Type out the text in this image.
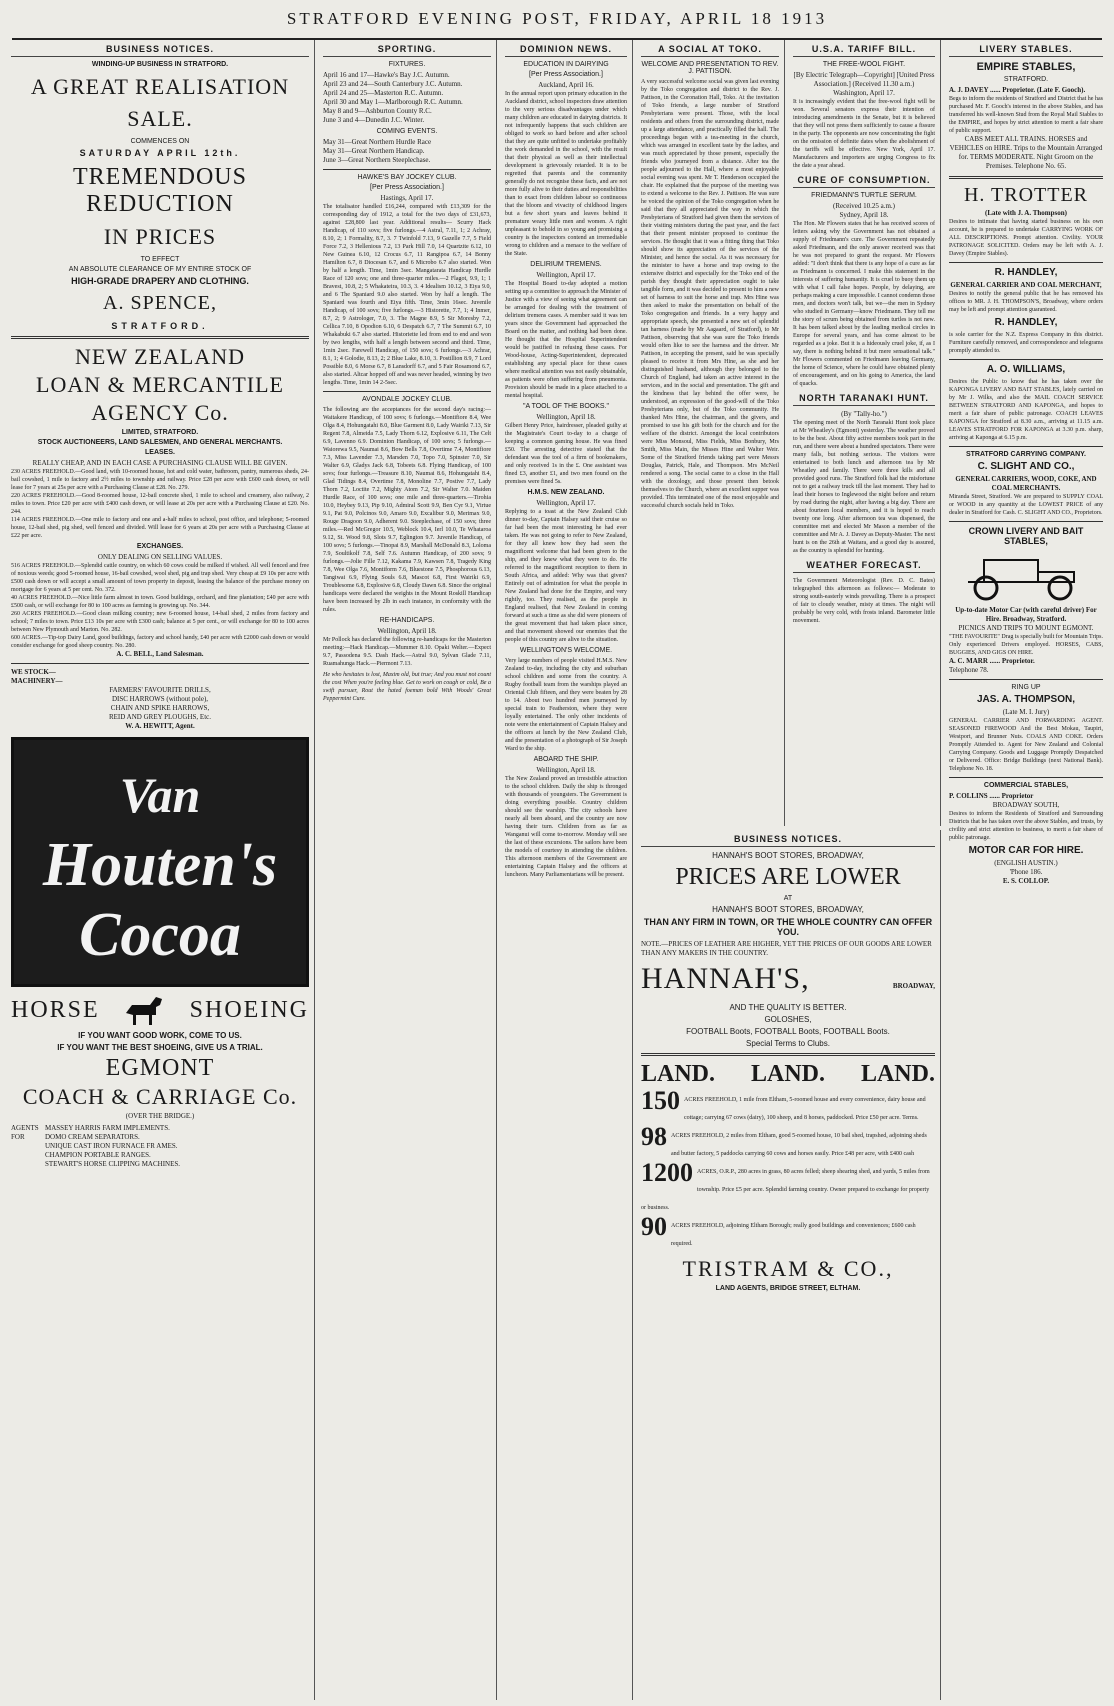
STRATFORD EVENING POST, FRIDAY, APRIL 18 1913
BUSINESS NOTICES.
WINDING-UP BUSINESS IN STRATFORD.
A GREAT REALISATION
SALE.
COMMENCES ON
SATURDAY APRIL 12th.
TREMENDOUS REDUCTION
IN PRICES
TO EFFECT
AN ABSOLUTE CLEARANCE OF MY ENTIRE STOCK OF
HIGH-GRADE DRAPERY AND CLOTHING.
A. SPENCE,
STRATFORD.
NEW ZEALAND
LOAN & MERCANTILE
AGENCY Co.
LIMITED, STRATFORD.
STOCK AUCTIONEERS, LAND SALESMEN, AND GENERAL MERCHANTS.
LEASES.
REALLY CHEAP, AND IN EACH CASE A PURCHASING CLAUSE WILL BE GIVEN.
230 ACRES FREEHOLD.—Good land, with 10-roomed house, hot and cold water, bathroom, pantry, numerous sheds, 24-bail cowshed, 1 mile to factory and 2½ miles to township and railway. Price £28 per acre with £600 cash down, or will lease for 7 years at 25s per acre with a Purchasing Clause at £28. No. 279.
220 ACRES FREEHOLD.—Good 8-roomed house, 12-bail concrete shed, 1 mile to school and creamery, also railway, 2 miles to town. Price £20 per acre with £400 cash down, or will lease at 20s per acre with a Purchasing Clause at £20. No. 244.
114 ACRES FREEHOLD.—One mile to factory and one and a-half miles to school, post office, and telephone; 5-roomed house, 12-bail shed, pig shed, well fenced and divided. Will lease for 6 years at 20s per acre with a Purchasing Clause at £22 per acre.
EXCHANGES.
ONLY DEALING ON SELLING VALUES.
516 ACRES FREEHOLD.—Splendid cattle country, on which 60 cows could be milked if wished. All well fenced and free of noxious weeds; good 5-roomed house, 16-bail cowshed, wool shed, pig and trap shed. Very cheap at £9 10s per acre with £500 cash down or will accept a small amount of town property in deposit, leasing the balance of the purchase money on mortgage for 6 years at 5 per cent. No. 372.
40 ACRES FREEHOLD.—Nice little farm almost in town. Good buildings, orchard, and fine plantation; £40 per acre with £500 cash, or will exchange for 80 to 100 acres as farming is growing up. No. 344.
260 ACRES FREEHOLD.—Good clean milking country; new 6-roomed house, 14-bail shed, 2 miles from factory and school; 7 miles to town. Price £13 10s per acre with £300 cash; balance at 5 per cent., or will exchange for 80 to 100 acres between New Plymouth and Marton. No. 282.
600 ACRES.—Tip-top Dairy Land, good buildings, factory and school handy, £40 per acre with £2000 cash down or would consider exchange for good sheep country. No. 280.
A. C. BELL, Land Salesman.
WE STOCK—
MACHINERY—
FARMERS' FAVOURITE DRILLS,
DISC HARROWS (without pole),
CHAIN AND SPIKE HARROWS,
REID AND GREY PLOUGHS, Etc.
W. A. HEWITT, Agent.
Van
Houten's
Cocoa
HORSE	SHOEING
IF YOU WANT GOOD WORK, COME TO US.
IF YOU WANT THE BEST SHOEING, GIVE US A TRIAL.
EGMONT
COACH & CARRIAGE Co.
(OVER THE BRIDGE.)
AGENTS FOR
MASSEY HARRIS FARM IMPLEMENTS.
DOMO CREAM SEPARATORS.
UNIQUE CAST IRON FURNACE FR AMES.
CHAMPION PORTABLE RANGES.
STEWART'S HORSE CLIPPING MACHINES.
SPORTING.
FIXTURES.
April 16 and 17—Hawke's Bay J.C. Autumn.
April 23 and 24—South Canterbury J.C. Autumn.
April 24 and 25—Masterton R.C. Autumn.
April 30 and May 1—Marlborough R.C. Autumn.
May 8 and 9—Ashburton County R.C.
June 3 and 4—Dunedin J.C. Winter.
COMING EVENTS.
May 31—Great Northern Hurdle Race
May 31—Great Northern Handicap.
June 3—Great Northern Steeplechase.
HAWKE'S BAY JOCKEY CLUB.
[Per Press Association.]
Hastings, April 17.
The totalisator handled £16,244, compared with £13,309 for the corresponding day of 1912, a total for the two days of £31,673, against £28,800 last year. Additional results— Scurry Hack Handicap, of 110 sovs; five furlongs.—4 Astral, 7.11, 1; 2 Achray, 8.10, 2; 1 Formality, 8.7, 3. 7 Twinfold 7.13, 9 Gazelle 7.7, 5 Field Force 7.2, 3 Hellenious 7.2, 13 Park Hill 7.0, 14 Quartzite 6.12, 10 New Guinea 6.10, 12 Crocus 6.7, 11 Rangipoa 6.7, 14 Bonny Hamilton 6.7, 8 Diocesan 6.7, and 6 Microbo 6.7 also started. Won by half a length. Time, 1min 3sec. Mangatarata Handicap Hurdle Race of 120 sovs; one and three-quarter miles.—2 Flagot, 9.9, 1; 1 Bravest, 10.8, 2; 5 Whakateira, 10.3, 3. 4 Idealism 10.12, 3 Eiya 9.0, and 6 The Spaniard 9.0 also started. Won by half a length. The Spaniard was fourth and Eiya fifth. Time, 3min 16sec. Juvenile Handicap, of 100 sovs; five furlongs.—3 Historette, 7.7, 1; 4 Inmer, 8.7, 2; 9 Astrologer, 7.0, 3. The Magne 8.9, 5 Sir Moresby 7.2, Cellica 7.10, 8 Opodion 6.10, 6 Despatch 6.7, 7 The Summit 6.7, 10 Whakabuki 6.7 also started. Historiette led from end to end and won by two lengths, with half a length between second and third. Time, 1min 2sec. Farewell Handicap, of 150 sovs; 6 furlongs.—3 Achrar, 8.1, 1; 4 Golodie, 8.13, 2; 2 Blue Lake, 8.10, 3. Postillion 8.9, 7 Lord Possible 8.0, 6 Morse 6.7, 8 Lansdorff 6.7, and 5 Fair Rosamond 6.7, also started. Altcar hopped off and was never headed, winning by two lengths. Time, 1min 14 2-5sec.
AVONDALE JOCKEY CLUB.
The following are the acceptances for the second day's racing:— Waitakere Handicap, of 100 sovs; 6 furlongs.—Montifiore 8.4, Wee Olga 8.4, Hohungatahi 8.0, Blue Garment 8.0, Lady Wairiki 7.13, Sir Regent 7.8, Almeida 7.5, Lady Thorn 6.12, Explosive 6.11, The Celt 6.9, Lavenno 6.9. Dominion Handicap, of 100 sovs; 5 furlongs.—Waiorewa 9.5, Naumai 8.6, Bow Bells 7.8, Overtime 7.4, Montifiore 7.3, Miss Lavender 7.3, Marsden 7.0, Topo 7.0, Spinster 7.0, Sir Walter 6.9, Gladys Jack 6.8, Tobeets 6.8. Flying Handicap, of 100 sovs; four furlongs.—Treasure 8.10, Naumai 8.6, Hohungatahi 8.4, Glad Tidings 8.4, Overtime 7.8, Monoline 7.7, Postive 7.7, Lady Thorn 7.2, Loctite 7.2, Mighty Atom 7.2, Sir Walter 7.0. Maiden Hurdle Race, of 100 sovs; one mile and three-quarters.—Tirohia 10.0, Heybey 9.13, Pip 9.10, Admiral Scott 9.9, Ben Cyr 9.1, Virtue 9.1, Pat 9.0, Polcinos 9.0, Amaro 9.0, Excalibur 9.0, Merimax 9.0, Rouge Dragoon 9.0, Adherent 9.0. Steeplechase, of 150 sovs; three miles.—Red McGregor 10.5, Weblock 10.4, Ierl 10.0, Te Whataroa 9.12, St. Wood 9.8, Slots 9.7, Eglington 9.7. Juvenile Handicap, of 100 sovs; 5 furlongs.—Tinopai 8.9, Marshall McDonald 8.3, Loloma 7.9, Soultikolf 7.8, Self 7.6. Autumn Handicap, of 200 sovs; 9 furlongs.—Jolie Fille 7.12, Kakama 7.9, Kawsen 7.8, Tragedy King 7.8, Wee Olga 7.6, Montiform 7.6, Bluestone 7.5, Phosphorous 6.13, Tangiwai 6.9, Flying Souls 6.8, Mascot 6.8, First Wairiki 6.9, Troublesome 6.8, Explosive 6.8, Cloudy Dawn 6.8. Since the original handicaps were declared the weights in the Mount Roskill Handicap have been increased by 2lb in each instance, in conformity with the rules.
RE-HANDICAPS.
Wellington, April 18.
Mr Pollock has declared the following re-handicaps for the Masterton meeting:—Hack Handicap.—Mummer 8.10. Opaki Welter.—Expect 9.7, Passodena 9.5. Dash Hack.—Astral 9.0, Sylvan Glade 7.11, Ruamahunga Hack.—Piermont 7.13.
He who hesitates is lost, Maxim old, but true; And you must not count the cost When you're feeling blue. Get to work on cough or cold, Be a swift pursuer, Rout the hated foeman bold With Woods' Great Peppermint Cure.
DOMINION NEWS.
EDUCATION IN DAIRYING
[Per Press Association.]
Auckland, April 16.
In the annual report upon primary education in the Auckland district, school inspectors draw attention to the very serious disadvantages under which many children are educated in dairying districts. It not infrequently happens that such children are obliged to work so hard before and after school that they are quite unfitted to undertake profitably the work demanded in the school, with the result that their physical as well as their intellectual development is grievously retarded. It is to be regretted that parents and the community generally do not recognise these facts, and are not more fully alive to their duties and responsibilities than to exact from children labour so continuous that the bloom and vivacity of childhood lingers but a few short years and leaves behind it premature weary little men and women. A right unpleasant to behold in so young and promising a country is the inspectors contend an irremediable wrong to children and a menace to the welfare of the State.
DELIRIUM TREMENS.
Wellington, April 17.
The Hospital Board to-day adopted a motion setting up a committee to approach the Minister of Justice with a view of seeing what agreement can be arranged for dealing with the treatment of delirium tremens cases. A member said it was ten years since the Government had approached the Board on the matter, and nothing had been done. He thought that the Hospital Superintendent would be justified in refusing these cases. For Wood-house, Acting-Superintendent, deprecated establishing any special place for these cases where medical attention was not easily obtainable, as patients were often suffering from pneumonia. Provision should be made in a place attached to a mental hospital.
"A TOOL OF THE BOOKS."
Wellington, April 18.
Gilbert Henry Price, hairdresser, pleaded guilty at the Magistrate's Court to-day to a charge of keeping a common gaming house. He was fined £50. The arresting detective stated that the defendant was the tool of a firm of bookmakers, and only received 1s in the £. One assistant was fined £3, another £1, and two men found on the premises were fined 5s.
H.M.S. NEW ZEALAND.
Wellington, April 17.
Replying to a toast at the New Zealand Club dinner to-day, Captain Halsey said their cruise so far had been the most interesting he had ever taken. He was not going to refer to New Zealand, for they all knew how they had seen the magnificent welcome that had been given to the ship, and they knew what they were to do. He referred to the magnificent reception to them in South Africa, and added: Why was that given? Entirely out of admiration for what the people in New Zealand had done for the Empire, and very rightly, too. They realised, as the people in England realised, that New Zealand in coming forward at such a time as she did were pioneers of the great movement that had taken place since, and that movement showed our enemies that the people of this country are alive to the situation.
WELLINGTON'S WELCOME.
Very large numbers of people visited H.M.S. New Zealand to-day, including the city and suburban school children and some from the country. A Rugby football team from the warships played an Oriental Club fifteen, and they were beaten by 28 to 14. About two hundred men journeyed by special train to Featherston, where they were loyally entertained. The only other incidents of note were the entertainment of Captain Halsey and the officers at lunch by the New Zealand Club, and the presentation of a photograph of Sir Joseph Ward to the ship.
ABOARD THE SHIP.
Wellington, April 18.
The New Zealand proved an irresistible attraction to the school children. Daily the ship is thronged with thousands of youngsters. The Government is doing everything possible. Country children should see the warship. The city schools have nearly all been aboard, and the country are now having their turn. Children from as far as Wanganui will come to-morrow. Monday will see the last of these excursions. The sailors have been the models of courtesy in attending the children. This afternoon members of the Government are entertaining Captain Halsey and the officers at luncheon. Many Parliamentarians will be present.
A SOCIAL AT TOKO.
WELCOME AND PRESENTATION TO REV. J. PATTISON.
A very successful welcome social was given last evening by the Toko congregation and district to the Rev. J. Pattison, in the Coronation Hall, Toko. At the invitation of Toko friends, a large number of Stratford Presbyterians were present. Those, with the local residents and others from the surrounding district, made up a large attendance, and practically filled the hall. The proceedings began with a tea-meeting in the church, which was arranged in excellent taste by the ladies, and was much appreciated by those present, especially the friends who journeyed from a distance. After tea the people adjourned to the Hall, where a most enjoyable social evening was spent. Mr T. Henderson occupied the chair. He explained that the purpose of the meeting was to extend a welcome to the Rev. J. Pattison. He was sure he voiced the opinion of the Toko congregation when he said that they all appreciated the way in which the Presbyterians of Stratford had given them the services of their visiting ministers during the past year, and the fact that their present minister proposed to continue the services. He thought that it was a fitting thing that Toko should show its appreciation of the services of the Minister, and hence the social. As it was necessary for the minister to have a horse and trap owing to the extensive district and especially for the Toko end of the parish they thought their appreciation ought to take tangible form, and it was decided to present to him a new set of harness to suit the horse and trap. Mrs Hine was then asked to make the presentation on behalf of the Toko congregation and friends. In a very happy and appropriate speech, she presented a new set of splendid tan harness (made by Mr Aagaard, of Stratford), to Mr Pattison, observing that she was sure the Toko friends would often like to see the harness and the driver. Mr Pattison, in accepting the present, said he was specially pleased to receive it from Mrs Hine, as she and her distinguished husband, although they belonged to the Church of England, had taken an active interest in the services, and in the social and presentation. The gift and the kindness that lay behind the offer were, he understood, an expression of the good-will of the Toko Presbyterians only, but of the Toko community. He thanked Mrs Hine, the chairman, and the givers, and promised to use his gift both for the church and for the welfare of the district. Amongst the local contributors were Miss Monsoul, Miss Fields, Miss Bonbury, Mrs Smith, Miss Main, the Misses Hine and Walter Weir. Some of the Stratford friends taking part were Messrs Douglas, Patrick, Hale, and Thompson. Mrs McNeil rendered a song. The social came to a close in the Hall with the doxology, and those present then betook themselves to the Church, where an excellent supper was provided. This terminated one of the most enjoyable and successful church socials held in Toko.
U.S.A. TARIFF BILL.
THE FREE-WOOL FIGHT.
[By Electric Telegraph—Copyright] [United Press Association.] (Received 11.30 a.m.)
Washington, April 17.
It is increasingly evident that the free-wool fight will be won. Several senators express their intention of introducing amendments in the Senate, but it is believed that they will not press them sufficiently to cause a fissure in the party. The opponents are now concentrating the fight on the omission of definite dates when the abolishment of the tariffs will be effective. New York, April 17. Manufacturers and importers are urging Congress to fix the date a year ahead.
CURE OF CONSUMPTION.
FRIEDMANN'S TURTLE SERUM.
(Received 10.25 a.m.)
Sydney, April 18.
The Hon. Mr Flowers states that he has received scores of letters asking why the Government has not obtained a supply of Friedmann's cure. The Government repeatedly asked Friedmann, and the only answer received was that he was not prepared to grant the request. Mr Flowers added: "I don't think that there is any hope of a cure as far as Friedmann is concerned. I make this statement in the interests of suffering humanity. It is cruel to buoy them up with what I call false hopes. People, by delaying, are perhaps making a cure impossible. I cannot condemn those men, and doctors won't talk, but we—the men in Sydney who studied in Germany—know Friedmann. They tell me the story of scrum being obtained from turtles is not new. It has been talked about by the leading medical circles in Europe for several years, and has come almost to be regarded as a joke. But it is a hideously cruel joke, if, as I say, there is nothing behind it but mere sensational talk." Mr Flowers commented on Friedmann leaving Germany, the home of Science, where he could have obtained plenty of encouragement, and on his going to America, the land of quacks.
NORTH TARANAKI HUNT.
(By "Tally-ho.")
The opening meet of the North Taranaki Hunt took place at Mr Wheatley's (Egmont) yesterday. The weather proved to be the best. About fifty active members took part in the run, and there were about a hundred spectators. There were many falls, but nothing serious. The visitors were entertained to both lunch and afternoon tea by Mr Wheatley and family. There were three kills and all provided good runs. The Stratford folk had the misfortune not to get a railway truck till the last moment. They had to lead their horses to Inglewood the night before and return by road during the night, after having a big day. There are about fourteen local members, and it is hoped to reach twenty one long. After afternoon tea was dispensed, the committee met and elected Mr Mason a member of the committee and Mr A. J. Davey as Deputy-Master. The next hunt is on the 26th at Waitara, and a good day is assured, as the country is splendid for hunting.
WEATHER FORECAST.
The Government Meteorologist (Rev. D. C. Bates) telegraphed this afternoon as follows:— Moderate to strong south-easterly winds prevailing. There is a prospect of fair to cloudy weather, misty at times. The night will probably be very cold, with frosts inland. Barometer little movement.
BUSINESS NOTICES.
HANNAH'S BOOT STORES, BROADWAY,
PRICES ARE LOWER
AT
HANNAH'S BOOT STORES, BROADWAY,
THAN ANY FIRM IN TOWN, OR THE WHOLE COUNTRY CAN OFFER YOU.
NOTE.—PRICES OF LEATHER ARE HIGHER, YET THE PRICES OF OUR GOODS ARE LOWER THAN ANY MAKERS IN THE COUNTRY.
HANNAH'S,	BROADWAY,
AND THE QUALITY IS BETTER.
GOLOSHES,
FOOTBALL Boots, FOOTBALL Boots, FOOTBALL Boots.
Special Terms to Clubs.
LAND. LAND. LAND.
150 ACRES FREEHOLD, 1 mile from Eltham, 5-roomed house and every convenience, dairy house and cottage; carrying 67 cows (dairy), 100 sheep, and 8 horses, paddocked. Price £50 per acre. Terms.
98 ACRES FREEHOLD, 2 miles from Eltham, good 5-roomed house, 10 bail shed, trapshed, adjoining sheds and butter factory, 5 paddocks carrying 60 cows and horses easily. Price £48 per acre, with £400 cash
1200 ACRES, O.R.P., 280 acres in grass, 80 acres felled; sheep shearing shed, and yards, 5 miles from township. Price £5 per acre. Splendid farming country. Owner prepared to exchange for property or business.
90 ACRES FREEHOLD, adjoining Eltham Borough; really good buildings and conveniences; £600 cash required.
TRISTRAM & CO.,
LAND AGENTS, BRIDGE STREET, ELTHAM.
LIVERY STABLES.
EMPIRE STABLES,
STRATFORD.
A. J. DAVEY ...... Proprietor. (Late F. Gooch).
Begs to inform the residents of Stratford and District that he has purchased Mr. F. Gooch's interest in the above Stables, and has transferred his well-known Stud from the Royal Mail Stables to the EMPIRE, and hopes by strict attention to merit a fair share of public support.
CABS MEET ALL TRAINS. HORSES and VEHICLES on HIRE. Trips to the Mountain Arranged for. TERMS MODERATE. Night Groom on the Premises. Telephone No. 65.
H. TROTTER
(Late with J. A. Thompson)
Desires to intimate that having started business on his own account, he is prepared to undertake CARRYING WORK OF ALL DESCRIPTIONS. Prompt attention. Civility. YOUR PATRONAGE SOLICITED. Orders may be left with A. J. Davey (Empire Stables).
R. HANDLEY,
GENERAL CARRIER AND COAL MERCHANT,
Desires to notify the general public that he has removed his offices to MR. J. H. THOMPSON'S, Broadway, where orders may be left and prompt attention guaranteed.
R. HANDLEY,
is sole carrier for the N.Z. Express Company in this district. Furniture carefully removed, and correspondence and telegrams promptly attended to.
A. O. WILLIAMS,
Desires the Public to know that he has taken over the KAPONGA LIVERY AND BAIT STABLES, lately carried on by Mr J. Wilks, and also the MAIL COACH SERVICE BETWEEN STRATFORD AND KAPONGA, and hopes to merit a fair share of public patronage. COACH LEAVES KAPONGA for Stratford at 8.30 a.m., arriving at 11.15 a.m. LEAVES STRATFORD FOR KAPONGA at 3.30 p.m. sharp, arriving at Kaponga at 6.15 p.m.
STRATFORD CARRYING COMPANY.
C. SLIGHT AND CO.,
GENERAL CARRIERS, WOOD, COKE, AND COAL MERCHANTS.
Miranda Street, Stratford. We are prepared to SUPPLY COAL or WOOD in any quantity at the LOWEST PRICE of any dealer in Stratford for Cash. C. SLIGHT AND CO., Proprietors.
CROWN LIVERY AND BAIT STABLES,
Up-to-date Motor Car (with careful driver) For Hire. Broadway, Stratford.
PICNICS AND TRIPS TO MOUNT EGMONT.
"THE FAVOURITE" Drag is specially built for Mountain Trips. Only experienced Drivers employed. HORSES, CABS, BUGGIES, AND GIGS ON HIRE.
A. C. MARR ...... Proprietor.
Telephone 78.
RING UP
JAS. A. THOMPSON,
(Late M. I. Jury)
GENERAL CARRIER AND FORWARDING AGENT. SEASONED FIREWOOD And the Best Mokau, Taupiri, Westport, and Brunner Nuts. COALS AND COKE. Orders Promptly Attended to. Agent for New Zealand and Colonial Carrying Company. Goods and Luggage Promptly Despatched or Delivered. Office: Bridge Buildings (next National Bank). Telephone No. 18.
COMMERCIAL STABLES,
P. COLLINS ...... Proprietor
BROADWAY SOUTH,
Desires to inform the Residents of Stratford and Surrounding Districts that he has taken over the above Stables, and trusts, by civility and strict attention to business, to merit a fair share of public patronage.
MOTOR CAR FOR HIRE.
(ENGLISH AUSTIN.)
'Phone 186.
E. S. COLLOP.
